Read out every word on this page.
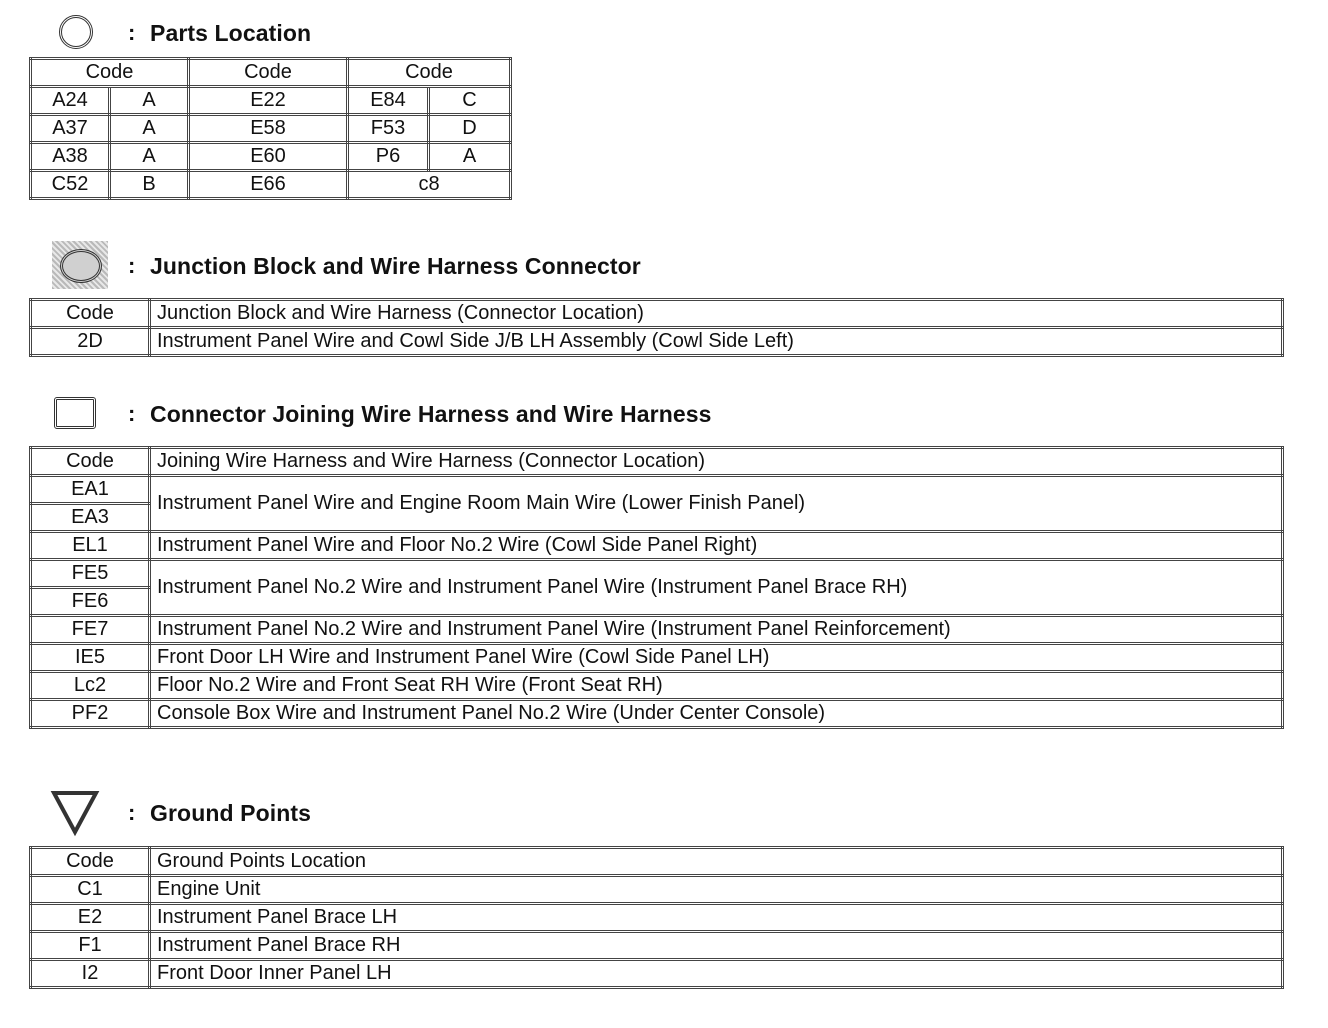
: Parts Location
Code		Code	Code	
A24	A	E22	E84	C
A37	A	E58	F53	D
A38	A	E60	P6	A
C52	B	E66	c8	
: Junction Block and Wire Harness Connector
Code	Junction Block and Wire Harness (Connector Location)
2D	Instrument Panel Wire and Cowl Side J/B LH Assembly (Cowl Side Left)
: Connector Joining Wire Harness and Wire Harness
Code	Joining Wire Harness and Wire Harness (Connector Location)
EA1	Instrument Panel Wire and Engine Room Main Wire (Lower Finish Panel)
EA3	
EL1	Instrument Panel Wire and Floor No.2 Wire (Cowl Side Panel Right)
FE5	Instrument Panel No.2 Wire and Instrument Panel Wire (Instrument Panel Brace RH)
FE6	
FE7	Instrument Panel No.2 Wire and Instrument Panel Wire (Instrument Panel Reinforcement)
IE5	Front Door LH Wire and Instrument Panel Wire (Cowl Side Panel LH)
Lc2	Floor No.2 Wire and Front Seat RH Wire (Front Seat RH)
PF2	Console Box Wire and Instrument Panel No.2 Wire (Under Center Console)
: Ground Points
Code	Ground Points Location
C1	Engine Unit
E2	Instrument Panel Brace LH
F1	Instrument Panel Brace RH
I2	Front Door Inner Panel LH
